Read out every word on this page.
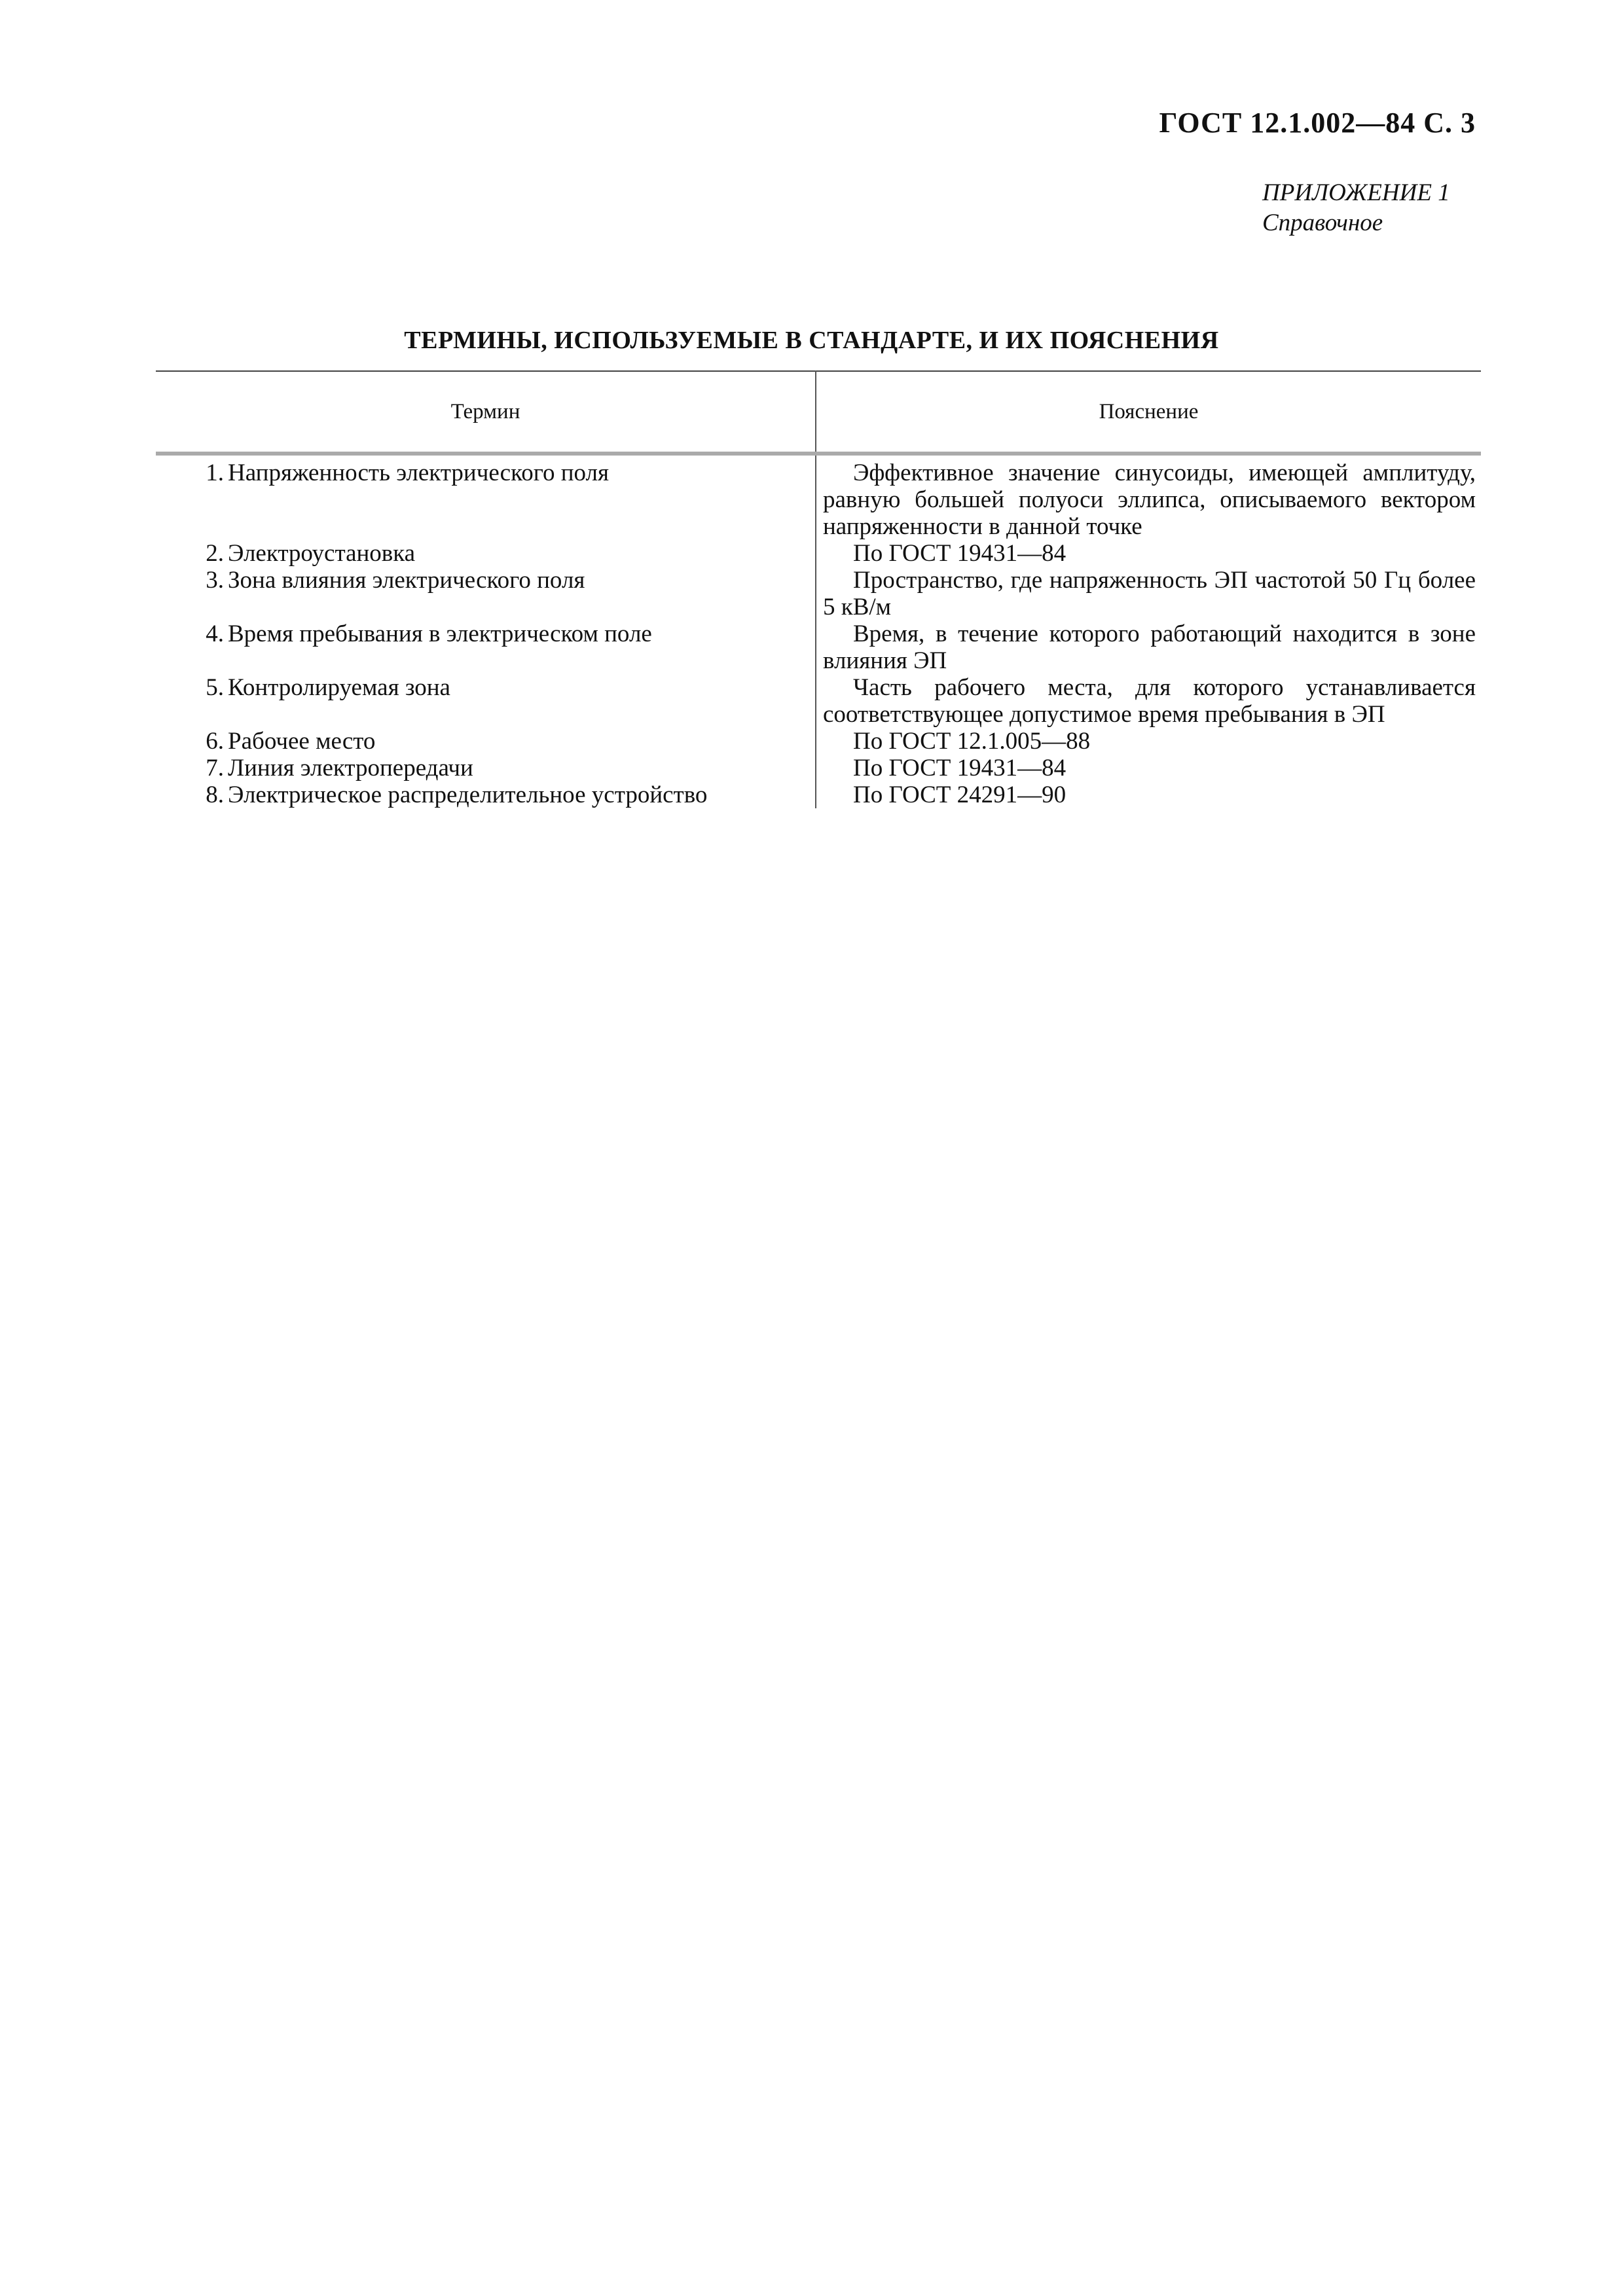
ГОСТ 12.1.002—84 С. 3
ПРИЛОЖЕНИЕ 1
Справочное
ТЕРМИНЫ, ИСПОЛЬЗУЕМЫЕ В СТАНДАРТЕ, И ИХ ПОЯСНЕНИЯ
Термин	Пояснение
1. Напряженность электрического поля	Эффективное значение синусоиды, имеющей амплитуду, равную большей полуоси эллипса, описываемого вектором напряженности в данной точке
2. Электроустановка	По ГОСТ 19431—84
3. Зона влияния электрического поля	Пространство, где напряженность ЭП частотой 50 Гц более 5 кВ/м
4. Время пребывания в электрическом поле	Время, в течение которого работающий находится в зоне влияния ЭП
5. Контролируемая зона	Часть рабочего места, для которого устанавливается соответствующее допустимое время пребывания в ЭП
6. Рабочее место	По ГОСТ 12.1.005—88
7. Линия электропередачи	По ГОСТ 19431—84
8. Электрическое распределительное устройство	По ГОСТ 24291—90
